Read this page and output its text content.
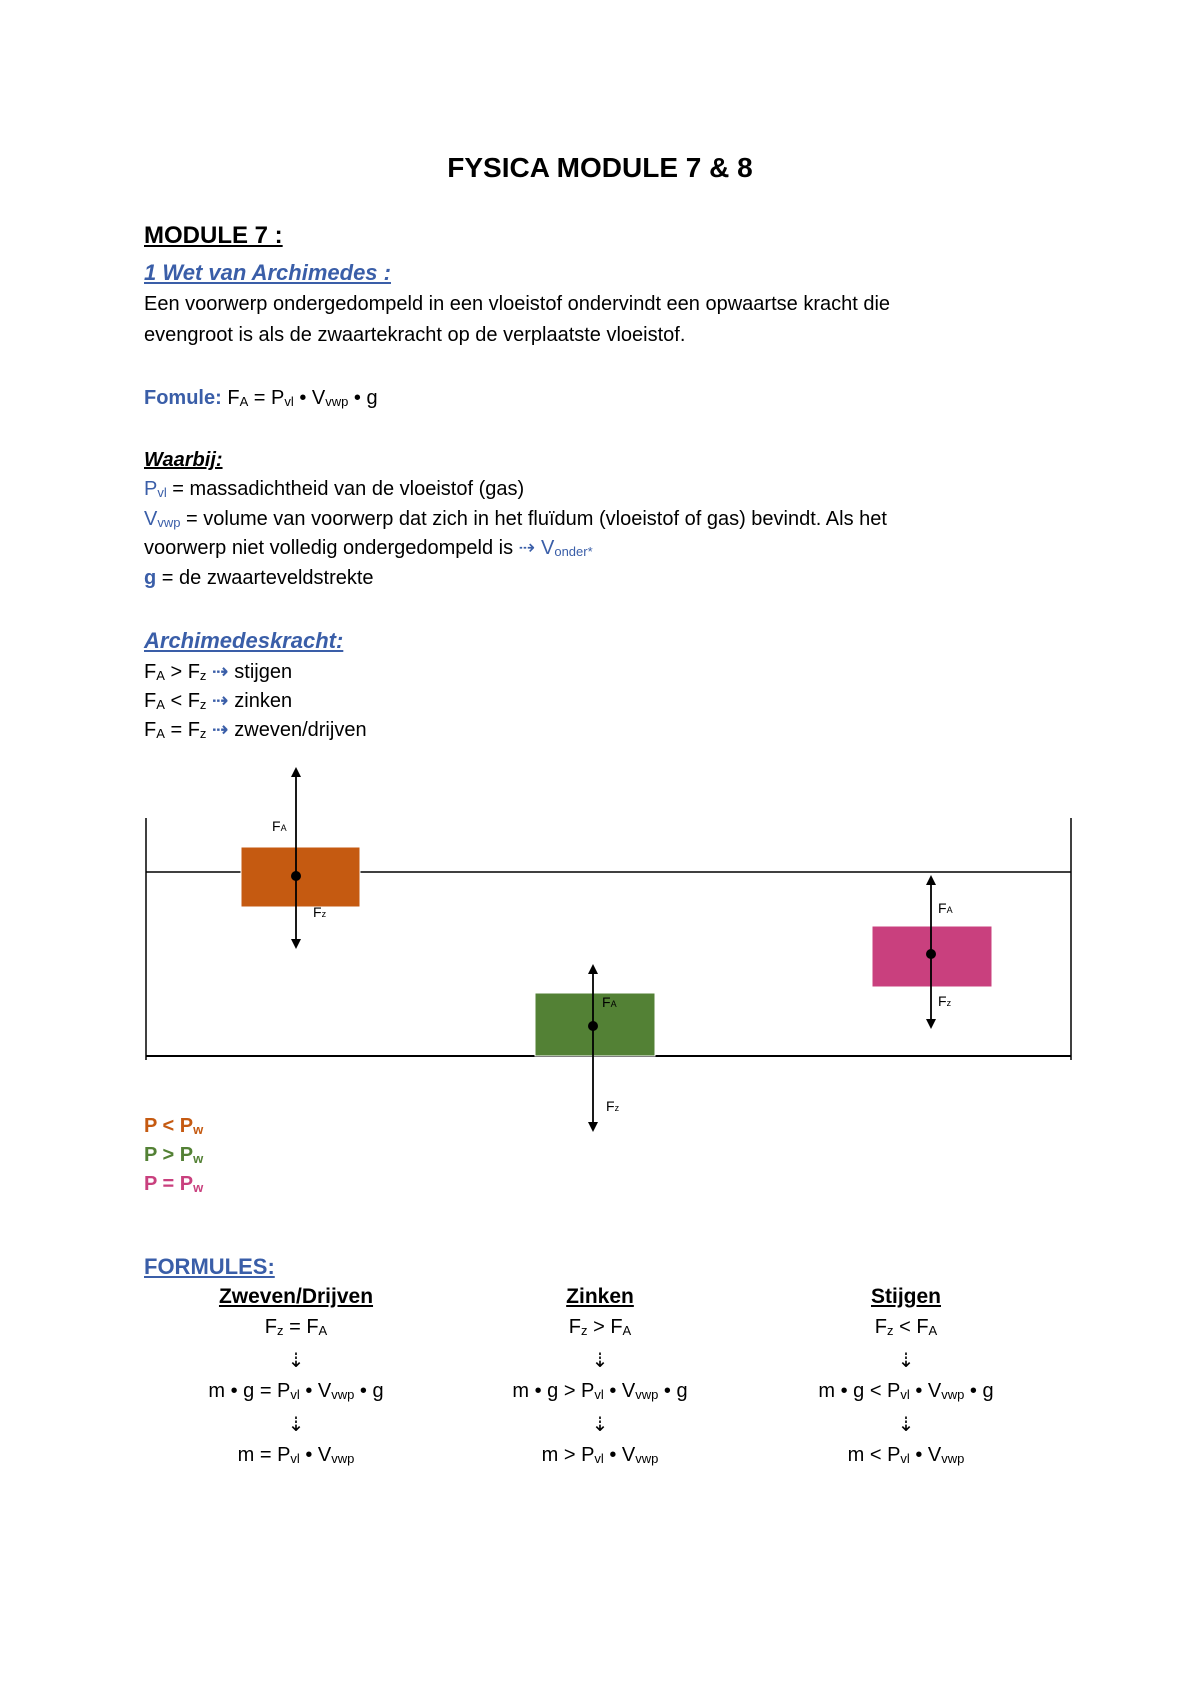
FYSICA MODULE 7 & 8
MODULE 7 :
1 Wet van Archimedes :
Een voorwerp ondergedompeld in een vloeistof ondervindt een opwaartse kracht die
evengroot is als de zwaartekracht op de verplaatste vloeistof.
Fomule: FA = Pvl • Vvwp • g
Waarbij:
Pvl = massadichtheid van de vloeistof (gas)
Vvwp = volume van voorwerp dat zich in het fluïdum (vloeistof of gas) bevindt. Als het
voorwerp niet volledig ondergedompeld is ⇢ Vonder*
g = de zwaarteveldstrekte
Archimedeskracht:
FA > Fz ⇢ stijgen
FA < Fz ⇢ zinken
FA = Fz ⇢ zweven/drijven
FA
Fz
FA
Fz
FA
Fz
P < Pw
P > Pw
P = Pw
FORMULES:
Zweven/Drijven
Fz = FA
⇣
m • g = Pvl • Vvwp • g
⇣
m = Pvl • Vvwp
Zinken
Fz > FA
⇣
m • g > Pvl • Vvwp • g
⇣
m > Pvl • Vvwp
Stijgen
Fz < FA
⇣
m • g < Pvl • Vvwp • g
⇣
m < Pvl • Vvwp
